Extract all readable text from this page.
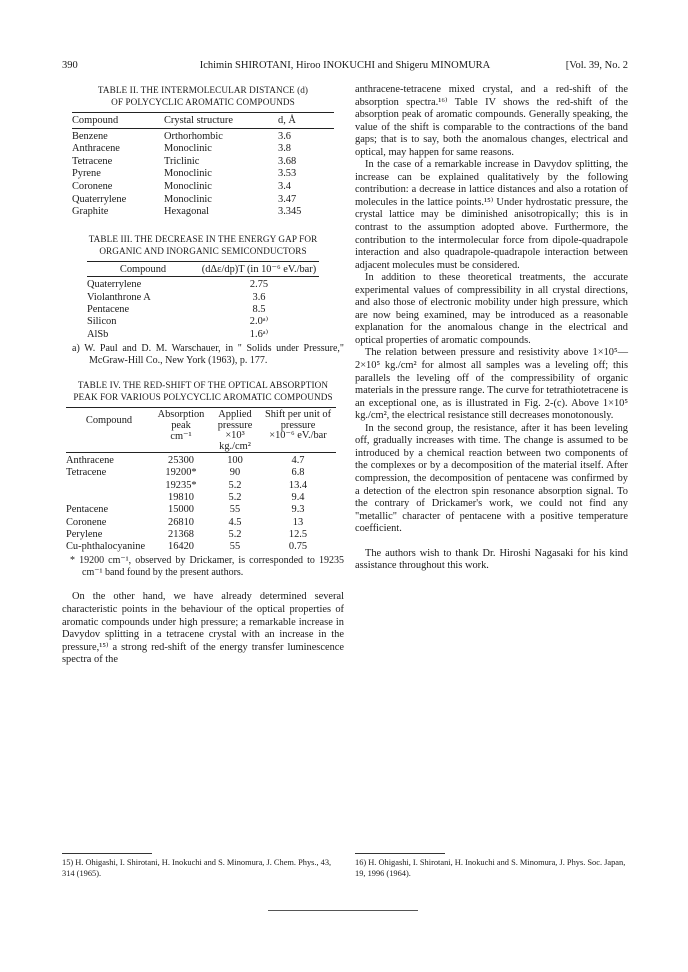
390	Ichimin SHIROTANI, Hiroo INOKUCHI and Shigeru MINOMURA	[Vol. 39, No. 2
TABLE II. THE INTERMOLECULAR DISTANCE (d)
OF POLYCYCLIC AROMATIC COMPOUNDS
Compound	Crystal structure	d, Å
Benzene	Orthorhombic	3.6
Anthracene	Monoclinic	3.8
Tetracene	Triclinic	3.68
Pyrene	Monoclinic	3.53
Coronene	Monoclinic	3.4
Quaterrylene	Monoclinic	3.47
Graphite	Hexagonal	3.345
TABLE III. THE DECREASE IN THE ENERGY GAP FOR
ORGANIC AND INORGANIC SEMICONDUCTORS
Compound	(dΔε/dp)T (in 10⁻⁶ eV./bar)
Quaterrylene	2.75
Violanthrone A	3.6
Pentacene	8.5
Silicon	2.0ᵃ⁾
AlSb	1.6ᵃ⁾

a) W. Paul and D. M. Warschauer, in " Solids under Pressure," McGraw-Hill Co., New York (1963), p. 177.

TABLE IV. THE RED-SHIFT OF THE OPTICAL ABSORPTION
PEAK FOR VARIOUS POLYCYCLIC AROMATIC COMPOUNDS
Compound	Absorption peak	Applied pressure	Shift per unit of pressure
	cm⁻¹	×10³ kg./cm²	×10⁻⁶ eV./bar
Anthracene	25300	100	4.7
Tetracene	19200*	90	6.8
	19235*	5.2	13.4
	19810	5.2	9.4
Pentacene	15000	55	9.3
Coronene	26810	4.5	13
Perylene	21368	5.2	12.5
Cu-phthalocyanine	16420	55	0.75

* 19200 cm⁻¹, observed by Drickamer, is corresponded to 19235 cm⁻¹ band found by the present authors.

On the other hand, we have already determined several characteristic points in the behaviour of the optical properties of aromatic compounds under high pressure; a remarkable increase in Davydov splitting in a tetracene crystal with an increase in the pressure,¹⁵⁾ a strong red-shift of the energy transfer luminescence spectra of the

anthracene-tetracene mixed crystal, and a red-shift of the absorption spectra.¹⁶⁾ Table IV shows the red-shift of the absorption peak of aromatic compounds. Generally speaking, the value of the shift is comparable to the contractions of the band gaps; that is to say, both the anomalous changes, electrical and optical, may happen for same reasons.

In the case of a remarkable increase in Davydov splitting, the increase can be explained qualitatively by the following contribution: a decrease in lattice distances and also a rotation of molecules in the lattice points.¹⁵⁾ Under hydrostatic pressure, the crystal lattice may be diminished anisotropically; this is in contrast to the assumption adopted above. Furthermore, the contribution to the intermolecular force from dipole-quadrapole interaction and also quadrapole-quadrapole interaction between adjacent molecules must be considered.

In addition to these theoretical treatments, the accurate experimental values of compressibility in all crystal directions, and also those of electronic mobility under high pressure, which are now being examined, may be introduced as a reasonable explanation for the anomalous change in the electrical and optical properties of aromatic compounds.

The relation between pressure and resistivity above 1×10⁵—2×10⁵ kg./cm² for almost all samples was a leveling off; this parallels the leveling off of the compressibility of organic materials in the pressure range. The curve for tetrathiotetracene is an exceptional one, as is illustrated in Fig. 2-(c). Above 1×10⁵ kg./cm², the electrical resistance still decreases monotonously.

In the second group, the resistance, after it has been leveling off, gradually increases with time. The change is assumed to be introduced by a chemical reaction between two components of the complexes or by a decomposition of the material itself. After compression, the decomposition of pentacene was confirmed by a detection of the electron spin resonance absorption signal. To the contrary of Drickamer's work, we could not find any "metallic" character of pentacene with a positive temperature coefficient.

The authors wish to thank Dr. Hiroshi Nagasaki for his kind assistance throughout this work.

15) H. Ohigashi, I. Shirotani, H. Inokuchi and S. Minomura, J. Chem. Phys., 43, 314 (1965).
16) H. Ohigashi, I. Shirotani, H. Inokuchi and S. Minomura, J. Phys. Soc. Japan, 19, 1996 (1964).
